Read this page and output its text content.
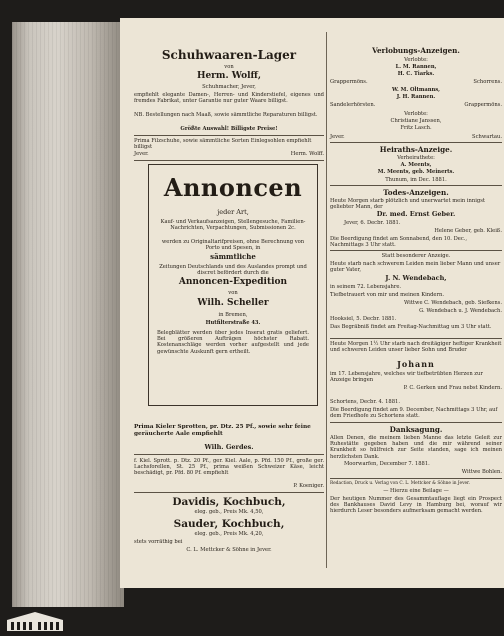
Schuhwaaren-Lager
von
Herm. Wolff,
Schuhmacher, Jever,
empfiehlt elegante Damen-, Herren- und Kinderstiefel, eigenes und fremdes Fabrikat, unter Garantie nur guter Waare billigst.
NB. Bestellungen nach Maaß, sowie sämmtliche Reparaturen billigst.
Größte Auswahl! Billigste Preise!
Prima Filzschuhe, sowie sämmtliche Sorten Einlegsohlen empfiehlt billigst
Jever.	Herm. Wolff.
Annoncen
jeder Art,
Kauf- und Verkaufsanzeigen, Stellengesuche, Familien-Nachrichten, Verpachtungen, Submissionen 2c.
werden zu Originaltarifpreisen, ohne Berechnung von Porto und Spesen, in
sämmtliche
Zeitungen Deutschlands und des Auslandes prompt und discret befördert durch die
Annoncen-Expedition
von
Wilh. Scheller
in Bremen,
Hutfilterstraße 43.
Belegblätter werden über jedes Inserat gratis geliefert. Bei größeren Aufträgen höchster Rabatt. Kostenanschläge werden vorher aufgestellt und jede gewünschte Auskunft gern ertheilt.
Prima Kieler Sprotten, pr. Dtz. 25 Pf., sowie sehr feine geräucherte Aale empfiehlt
Wilh. Gerdes.
f. Kiel. Sprott. p. Dtz. 20 Pf., ger. Kiel. Aale, p. Pfd. 150 Pf., große ger. Lachsforellen, St. 25 Pf., prima weißen Schweizer Käse, leicht beschädigt, pr. Pfd. 80 Pf. empfiehlt
P. Koeniger.
Davidis, Kochbuch,
eleg. geb., Preis Mk. 4,50,
Sauder, Kochbuch,
eleg. geb., Preis Mk. 4,20,
stets vorräthig bei
C. L. Mettcker & Söhne in Jever.
Verlobungs-Anzeigen.
Verlobte:
L. M. Rannen,
H. C. Tiarks.
Grappermöns.	Schorrens.
W. M. Oltmanns,
J. H. Rannen.
Sandelerhörsten.	Grappermöns.
Verlobte:
Christiane Janssen,
Fritz Lasch.
Jever.	Schwartau.
Heiraths-Anzeige.
Verheirathete:
A. Meents,
M. Meents, geb. Meinerts.
Thunum, im Dec. 1881.
Todes-Anzeigen.
Heute Morgen starb plötzlich und unerwartet mein innigst geliebter Mann, der
Dr. med. Ernst Geber.
Jever, 6. Decbr. 1881.
Helene Geber, geb. Kleiß.
Die Beerdigung findet am Sonnabend, den 10. Dec., Nachmittags 3 Uhr statt.
Statt besonderer Anzeige.
Heute starb nach schwerem Leiden mein lieber Mann und unser guter Vater,
J. N. Wendebach,
in seinem 72. Lebensjahre.
Tiefbetrauert von mir und meinen Kindern.
Wittwe C. Wendebach, geb. Siefkens.
G. Wendebach u. J. Wendebach.
Hooksiel, 5. Decbr. 1881.
Das Begräbniß findet am Freitag-Nachmittag um 3 Uhr statt.
Heute Morgen 1½ Uhr starb nach dreitägiger heftiger Krankheit und schweren Leiden unser lieber Sohn und Bruder
Johann
im 17. Lebensjahre, welches wir tiefbetrübten Herzen zur Anzeige bringen
P. C. Gerken und Frau nebst Kindern.
Schortens, Decbr. 4. 1881.
Die Beerdigung findet am 9. December, Nachmittags 3 Uhr, auf dem Friedhofe zu Schortens statt.
Danksagung.
Allen Denen, die meinem lieben Manne das letzte Geleit zur Ruhestätte gegeben haben und die mir während seiner Krankheit so hülfreich zur Seite standen, sage ich meinen herzlichsten Dank.
Moorwarfen, December 7. 1881.
Wittwe Bohlen.
Redaction, Druck u. Verlag von C. L. Mettcker & Söhne in Jever.
— Hierzu eine Beilage —
Der heutigen Nummer des Gesammtauflage liegt ein Prospect des Bankhauses David Levy in Hamburg bei, worauf wir hierdurch Leser besonders aufmerksam gemacht werden.
